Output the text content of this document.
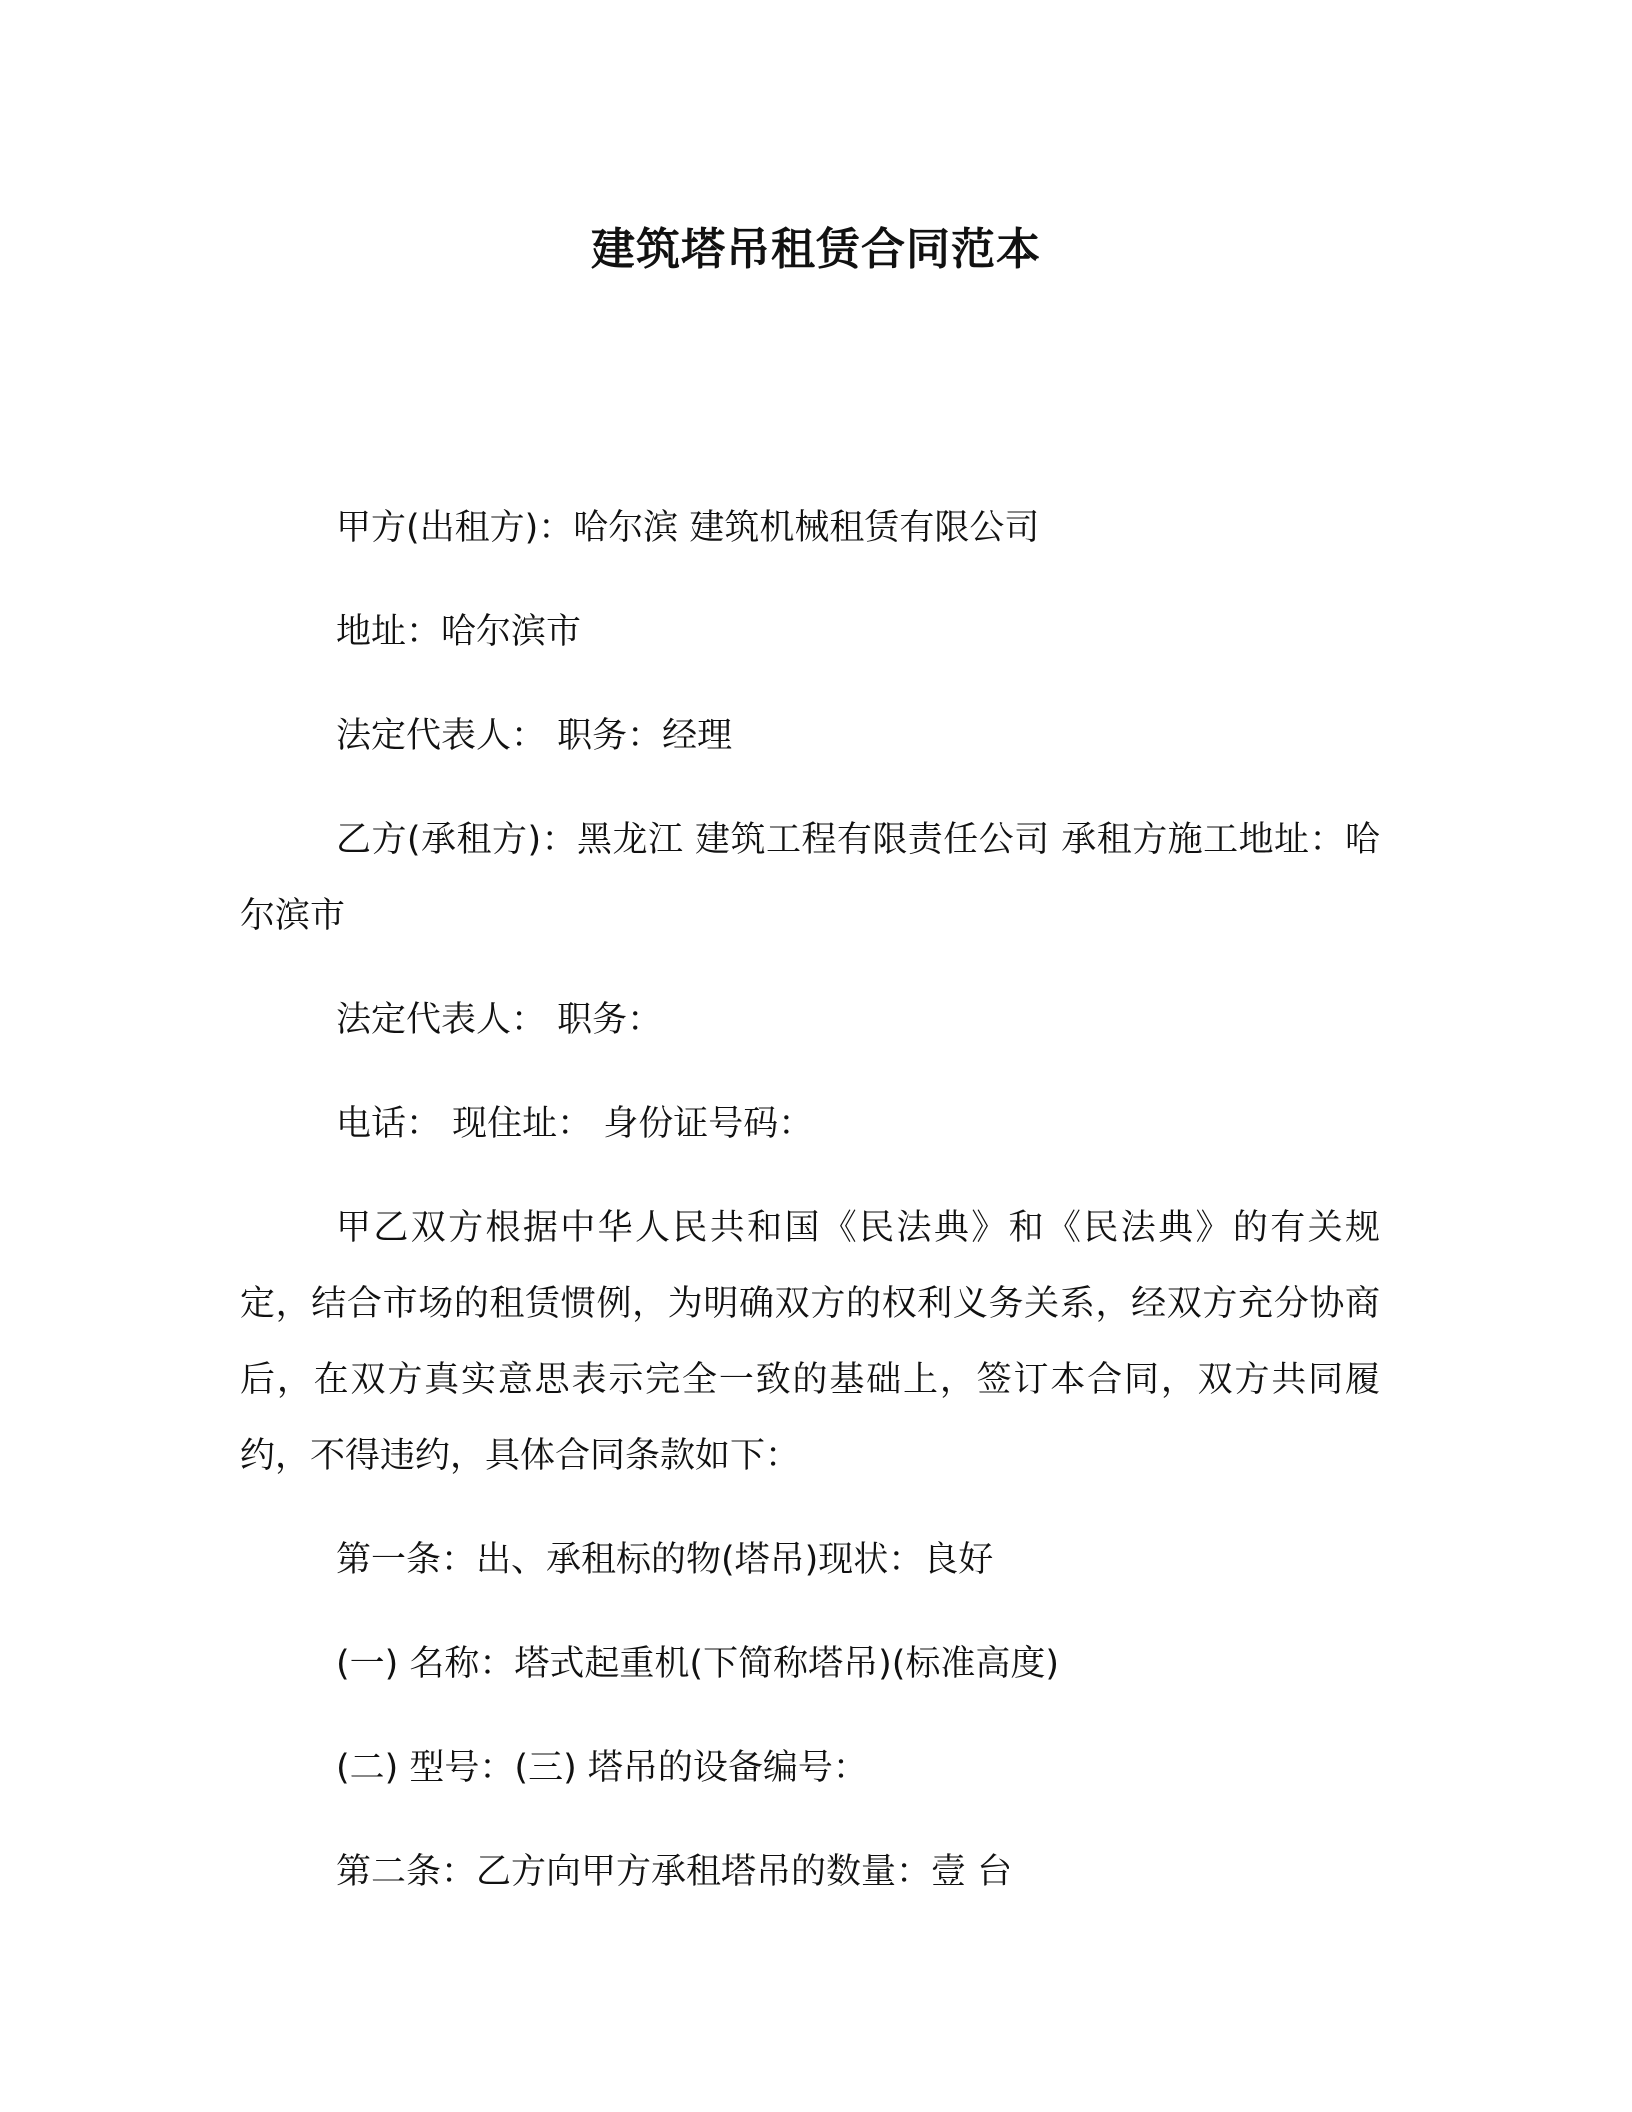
建筑塔吊租赁合同范本

甲方(出租方)：哈尔滨 建筑机械租赁有限公司

地址：哈尔滨市

法定代表人： 职务：经理

乙方(承租方)：黑龙江 建筑工程有限责任公司 承租方施工地址：哈尔滨市

法定代表人： 职务：

电话： 现住址： 身份证号码：

甲乙双方根据中华人民共和国《民法典》和《民法典》的有关规定，结合市场的租赁惯例，为明确双方的权利义务关系，经双方充分协商后，在双方真实意思表示完全一致的基础上，签订本合同，双方共同履约，不得违约，具体合同条款如下：

第一条：出、承租标的物(塔吊)现状：良好

(一) 名称：塔式起重机(下简称塔吊)(标准高度)

(二) 型号：(三) 塔吊的设备编号：

第二条：乙方向甲方承租塔吊的数量：壹 台
